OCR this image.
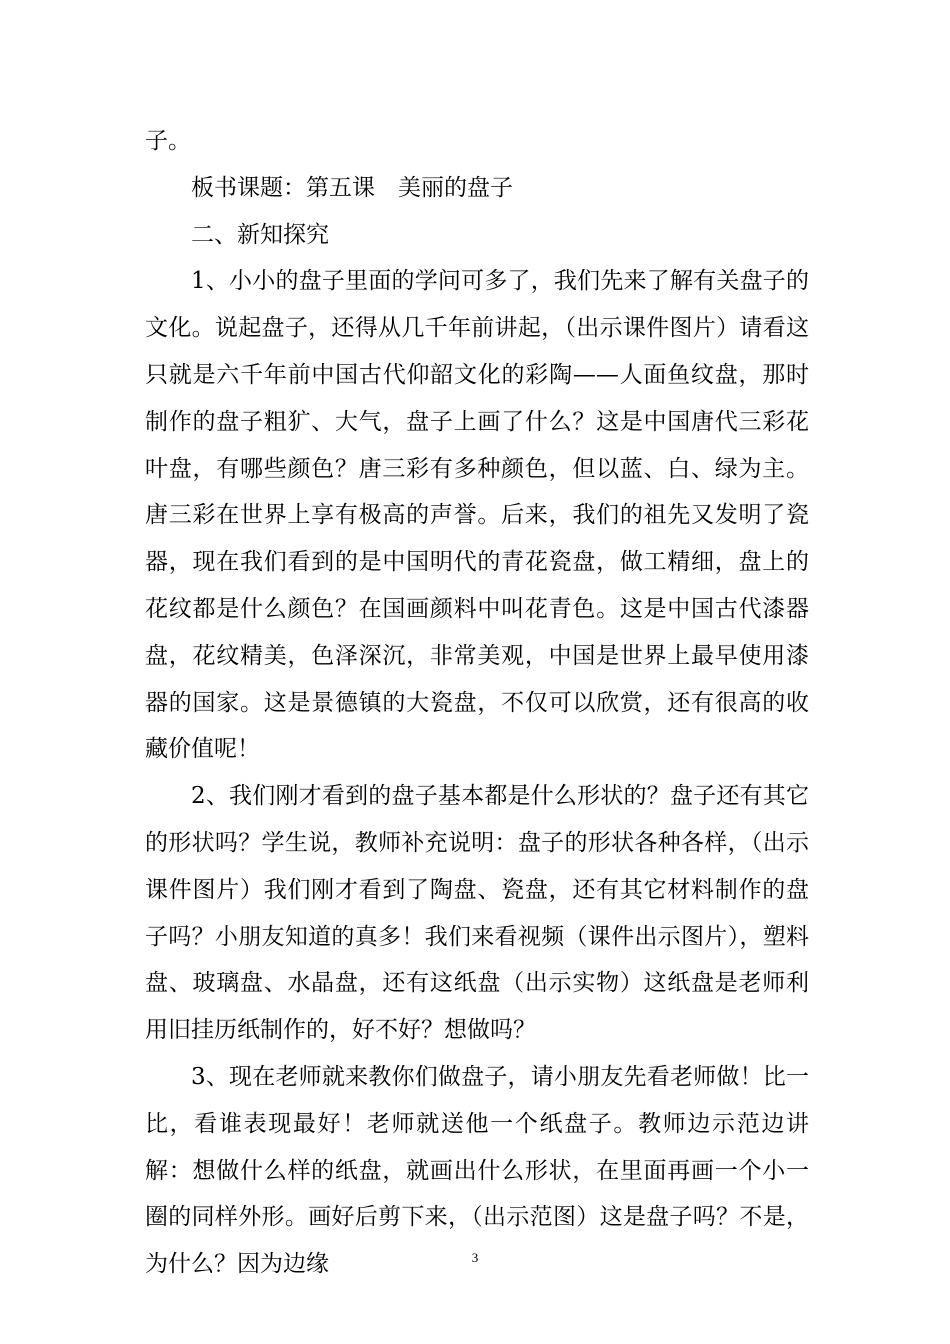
子。

板书课题：第五课　美丽的盘子

二、新知探究

1、小小的盘子里面的学问可多了，我们先来了解有关盘子的文化。说起盘子，还得从几千年前讲起，（出示课件图片）请看这只就是六千年前中国古代仰韶文化的彩陶——人面鱼纹盘，那时制作的盘子粗犷、大气，盘子上画了什么？这是中国唐代三彩花叶盘，有哪些颜色？唐三彩有多种颜色，但以蓝、白、绿为主。唐三彩在世界上享有极高的声誉。后来，我们的祖先又发明了瓷器，现在我们看到的是中国明代的青花瓷盘，做工精细，盘上的花纹都是什么颜色？在国画颜料中叫花青色。这是中国古代漆器盘，花纹精美，色泽深沉，非常美观，中国是世界上最早使用漆器的国家。这是景德镇的大瓷盘，不仅可以欣赏，还有很高的收藏价值呢！

2、我们刚才看到的盘子基本都是什么形状的？盘子还有其它的形状吗？学生说，教师补充说明：盘子的形状各种各样，（出示课件图片）我们刚才看到了陶盘、瓷盘，还有其它材料制作的盘子吗？小朋友知道的真多！我们来看视频（课件出示图片），塑料盘、玻璃盘、水晶盘，还有这纸盘（出示实物）这纸盘是老师利用旧挂历纸制作的，好不好？想做吗？

3、现在老师就来教你们做盘子，请小朋友先看老师做！比一比，看谁表现最好！老师就送他一个纸盘子。教师边示范边讲解：想做什么样的纸盘，就画出什么形状，在里面再画一个小一圈的同样外形。画好后剪下来，（出示范图）这是盘子吗？不是，为什么？因为边缘	3
